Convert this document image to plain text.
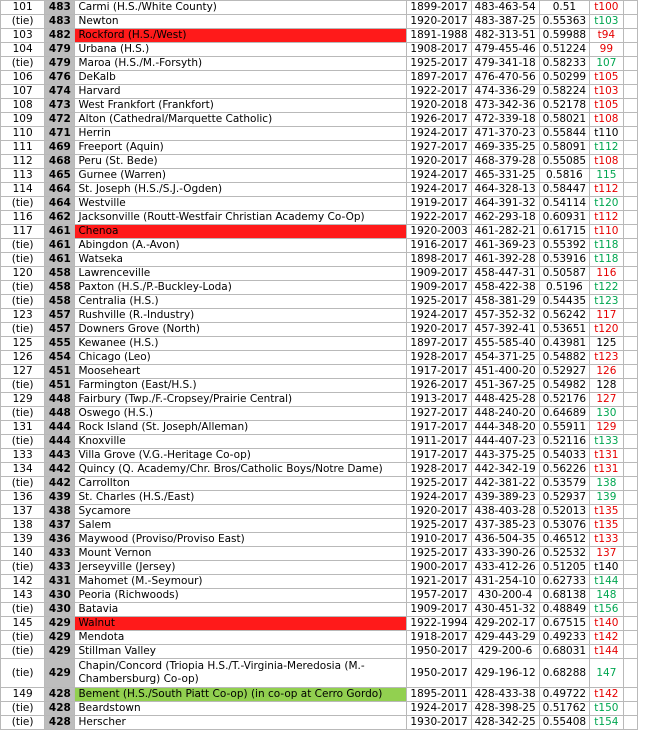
101	483	Carmi (H.S./White County)	1899-2017	483-463-54	0.51	t100	
(tie)	483	Newton	1920-2017	483-387-25	0.55363	t103	
103	482	Rockford (H.S./West)	1891-1988	482-313-51	0.59988	t94	
104	479	Urbana (H.S.)	1908-2017	479-455-46	0.51224	99	
(tie)	479	Maroa (H.S./M.-Forsyth)	1925-2017	479-341-18	0.58233	107	
106	476	DeKalb	1897-2017	476-470-56	0.50299	t105	
107	474	Harvard	1922-2017	474-336-29	0.58224	t103	
108	473	West Frankfort (Frankfort)	1920-2018	473-342-36	0.52178	t105	
109	472	Alton (Cathedral/Marquette Catholic)	1926-2017	472-339-18	0.58021	t108	
110	471	Herrin	1924-2017	471-370-23	0.55844	t110	
111	469	Freeport (Aquin)	1927-2017	469-335-25	0.58091	t112	
112	468	Peru (St. Bede)	1920-2017	468-379-28	0.55085	t108	
113	465	Gurnee (Warren)	1924-2017	465-331-25	0.5816	115	
114	464	St. Joseph (H.S./S.J.-Ogden)	1924-2017	464-328-13	0.58447	t112	
(tie)	464	Westville	1919-2017	464-391-32	0.54114	t120	
116	462	Jacksonville (Routt-Westfair Christian Academy Co-Op)	1922-2017	462-293-18	0.60931	t112	
117	461	Chenoa	1920-2003	461-282-21	0.61715	t110	
(tie)	461	Abingdon (A.-Avon)	1916-2017	461-369-23	0.55392	t118	
(tie)	461	Watseka	1898-2017	461-392-28	0.53916	t118	
120	458	Lawrenceville	1909-2017	458-447-31	0.50587	116	
(tie)	458	Paxton (H.S./P.-Buckley-Loda)	1909-2017	458-422-38	0.5196	t122	
(tie)	458	Centralia (H.S.)	1925-2017	458-381-29	0.54435	t123	
123	457	Rushville (R.-Industry)	1924-2017	457-352-32	0.56242	117	
(tie)	457	Downers Grove (North)	1920-2017	457-392-41	0.53651	t120	
125	455	Kewanee (H.S.)	1897-2017	455-585-40	0.43981	125	
126	454	Chicago (Leo)	1928-2017	454-371-25	0.54882	t123	
127	451	Mooseheart	1917-2017	451-400-20	0.52927	126	
(tie)	451	Farmington (East/H.S.)	1926-2017	451-367-25	0.54982	128	
129	448	Fairbury (Twp./F.-Cropsey/Prairie Central)	1913-2017	448-425-28	0.52176	127	
(tie)	448	Oswego (H.S.)	1927-2017	448-240-20	0.64689	130	
131	444	Rock Island (St. Joseph/Alleman)	1917-2017	444-348-20	0.55911	129	
(tie)	444	Knoxville	1911-2017	444-407-23	0.52116	t133	
133	443	Villa Grove (V.G.-Heritage Co-op)	1917-2017	443-375-25	0.54033	t131	
134	442	Quincy (Q. Academy/Chr. Bros/Catholic Boys/Notre Dame)	1928-2017	442-342-19	0.56226	t131	
(tie)	442	Carrollton	1925-2017	442-381-22	0.53579	138	
136	439	St. Charles (H.S./East)	1924-2017	439-389-23	0.52937	139	
137	438	Sycamore	1920-2017	438-403-28	0.52013	t135	
138	437	Salem	1925-2017	437-385-23	0.53076	t135	
139	436	Maywood (Proviso/Proviso East)	1910-2017	436-504-35	0.46512	t133	
140	433	Mount Vernon	1925-2017	433-390-26	0.52532	137	
(tie)	433	Jerseyville (Jersey)	1900-2017	433-412-26	0.51205	t140	
142	431	Mahomet (M.-Seymour)	1921-2017	431-254-10	0.62733	t144	
143	430	Peoria (Richwoods)	1957-2017	430-200-4	0.68138	148	
(tie)	430	Batavia	1909-2017	430-451-32	0.48849	t156	
145	429	Walnut	1922-1994	429-202-17	0.67515	t140	
(tie)	429	Mendota	1918-2017	429-443-29	0.49233	t142	
(tie)	429	Stillman Valley	1950-2017	429-200-6	0.68031	t144	
(tie)	429	Chapin/Concord (Triopia H.S./T.-Virginia-Meredosia (M.-Chambersburg) Co-op)	1950-2017	429-196-12	0.68288	147	
149	428	Bement (H.S./South Piatt Co-op) (in co-op at Cerro Gordo)	1895-2011	428-433-38	0.49722	t142	
(tie)	428	Beardstown	1924-2017	428-398-25	0.51762	t150	
(tie)	428	Herscher	1930-2017	428-342-25	0.55408	t154	
